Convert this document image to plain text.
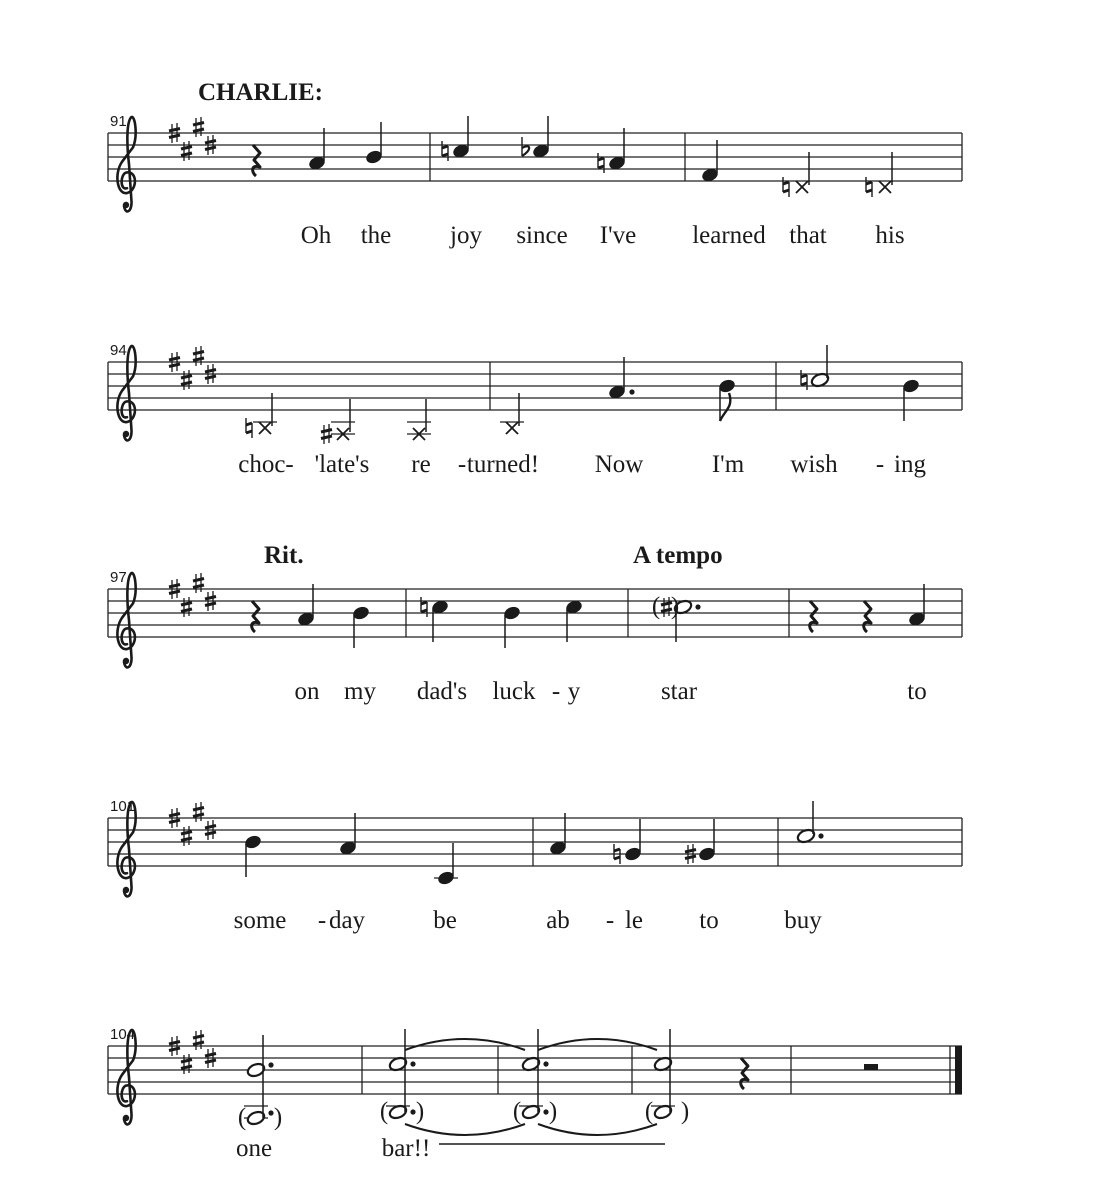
91
Oh the joy since I've learned that his
CHARLIE:
94
choc- 'late's re - turned! Now	I'm wish - ing
97
( )
on my dad's luck - y	star	to
Rit.	A tempo
101
some - day	be	ab - le to	buy
104
( )	( )	( )	( )
one	bar!!
